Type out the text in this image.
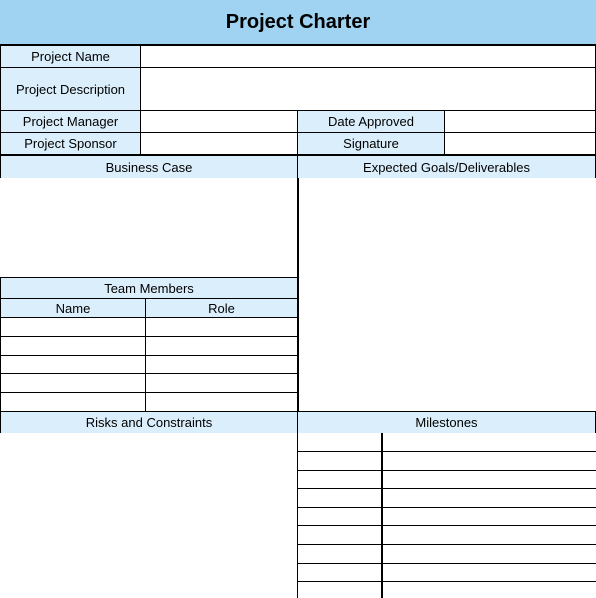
Project Charter
Project Name
Project Description
Project Manager	Date Approved
Project Sponsor	Signature
Business Case	Expected Goals/Deliverables
Team Members
Name	Role
Risks and Constraints	Milestones
